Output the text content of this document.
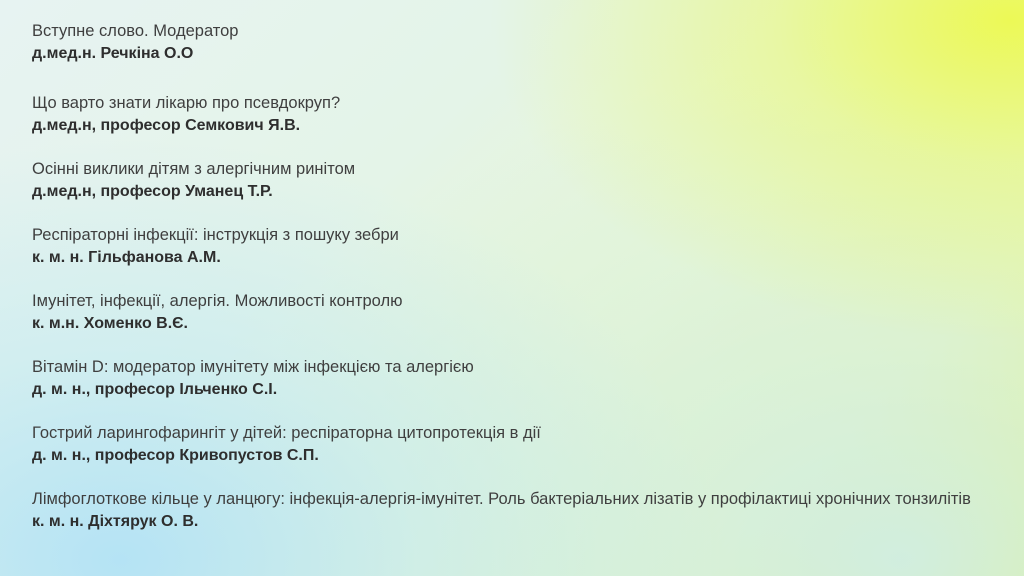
Вступне слово. Модератор
д.мед.н. Речкіна О.О
Що варто знати лікарю про псевдокруп?
д.мед.н, професор Семкович Я.В.
Осінні виклики дітям з алергічним ринітом
д.мед.н, професор Уманец Т.Р.
Респіраторні інфекції: інструкція з пошуку зебри
к. м. н. Гільфанова А.М.
Імунітет, інфекції, алергія. Можливості контролю
к. м.н. Хоменко В.Є.
Вітамін D: модератор імунітету між інфекцією та алергією
д. м. н., професор Ільченко С.І.
Гострий ларингофарингіт у дітей: респіраторна цитопротекція в дії
д. м. н., професор Кривопустов С.П.
Лімфоглоткове кільце у ланцюгу: інфекція-алергія-імунітет. Роль бактеріальних лізатів у профілактиці хронічних тонзилітів
к. м. н. Діхтярук О. В.
